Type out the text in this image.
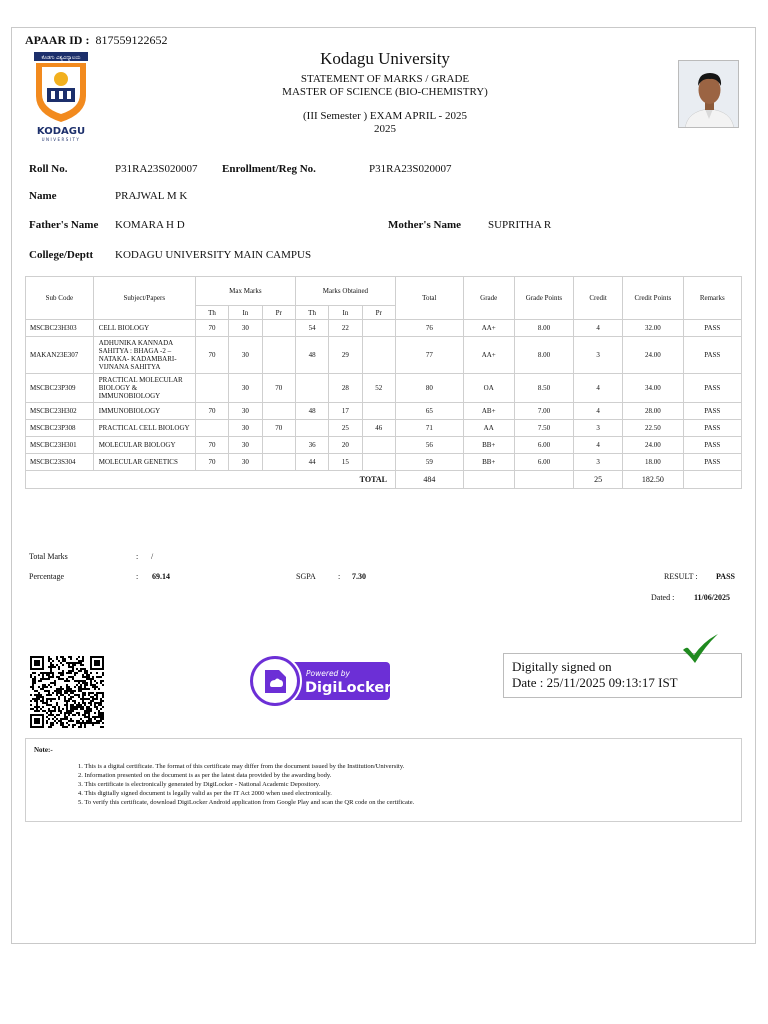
APAAR ID : 817559122652
ಕೊಡಗು ವಿಶ್ವವಿದ್ಯಾಲಯ
KODAGU
UNIVERSITY
Kodagu University
STATEMENT OF MARKS / GRADE
MASTER OF SCIENCE (BIO-CHEMISTRY)
(III Semester ) EXAM APRIL - 2025
2025
Roll No.	P31RA23S020007 Enrollment/Reg No.	P31RA23S020007
Name	PRAJWAL M K
Father's Name KOMARA H D	Mother's Name SUPRITHA R
College/Deptt KODAGU UNIVERSITY MAIN CAMPUS
Sub Code	Subject/Papers	Max Marks			Marks Obtained			Total	Grade	Grade Points	Credit	Credit Points	Remarks
		Th	In	Pr	Th	In	Pr						
MSCBC23H303	CELL BIOLOGY	70	30		54	22		76	AA+	8.00	4	32.00	PASS
MAKAN23E307	ADHUNIKA KANNADA SAHITYA : BHAGA -2 – NATAKA- KADAMBARI- VIJNANA SAHITYA	70	30		48	29		77	AA+	8.00	3	24.00	PASS
MSCBC23P309	PRACTICAL MOLECULAR BIOLOGY & IMMUNOBIOLOGY		30	70		28	52	80	OA	8.50	4	34.00	PASS
MSCBC23H302	IMMUNOBIOLOGY	70	30		48	17		65	AB+	7.00	4	28.00	PASS
MSCBC23P308	PRACTICAL CELL BIOLOGY		30	70		25	46	71	AA	7.50	3	22.50	PASS
MSCBC23H301	MOLECULAR BIOLOGY	70	30		36	20		56	BB+	6.00	4	24.00	PASS
MSCBC23S304	MOLECULAR GENETICS	70	30		44	15		59	BB+	6.00	3	18.00	PASS
TOTAL								484			25	182.50	
Total Marks	: /
Percentage	: 69.14	SGPA	: 7.30	RESULT : PASS
Dated : 11/06/2025
Powered by
DigiLocker
Digitally signed on
Date : 25/11/2025 09:13:17 IST
Note:-
1. This is a digital certificate. The format of this certificate may differ from the document issued by the Institution/University.
2. Information presented on the document is as per the latest data provided by the awarding body.
3. This certificate is electronically generated by DigiLocker - National Academic Depository.
4. This digitally signed document is legally valid as per the IT Act 2000 when used electronically.
5. To verify this certificate, download DigiLocker Android application from Google Play and scan the QR code on the certificate.
